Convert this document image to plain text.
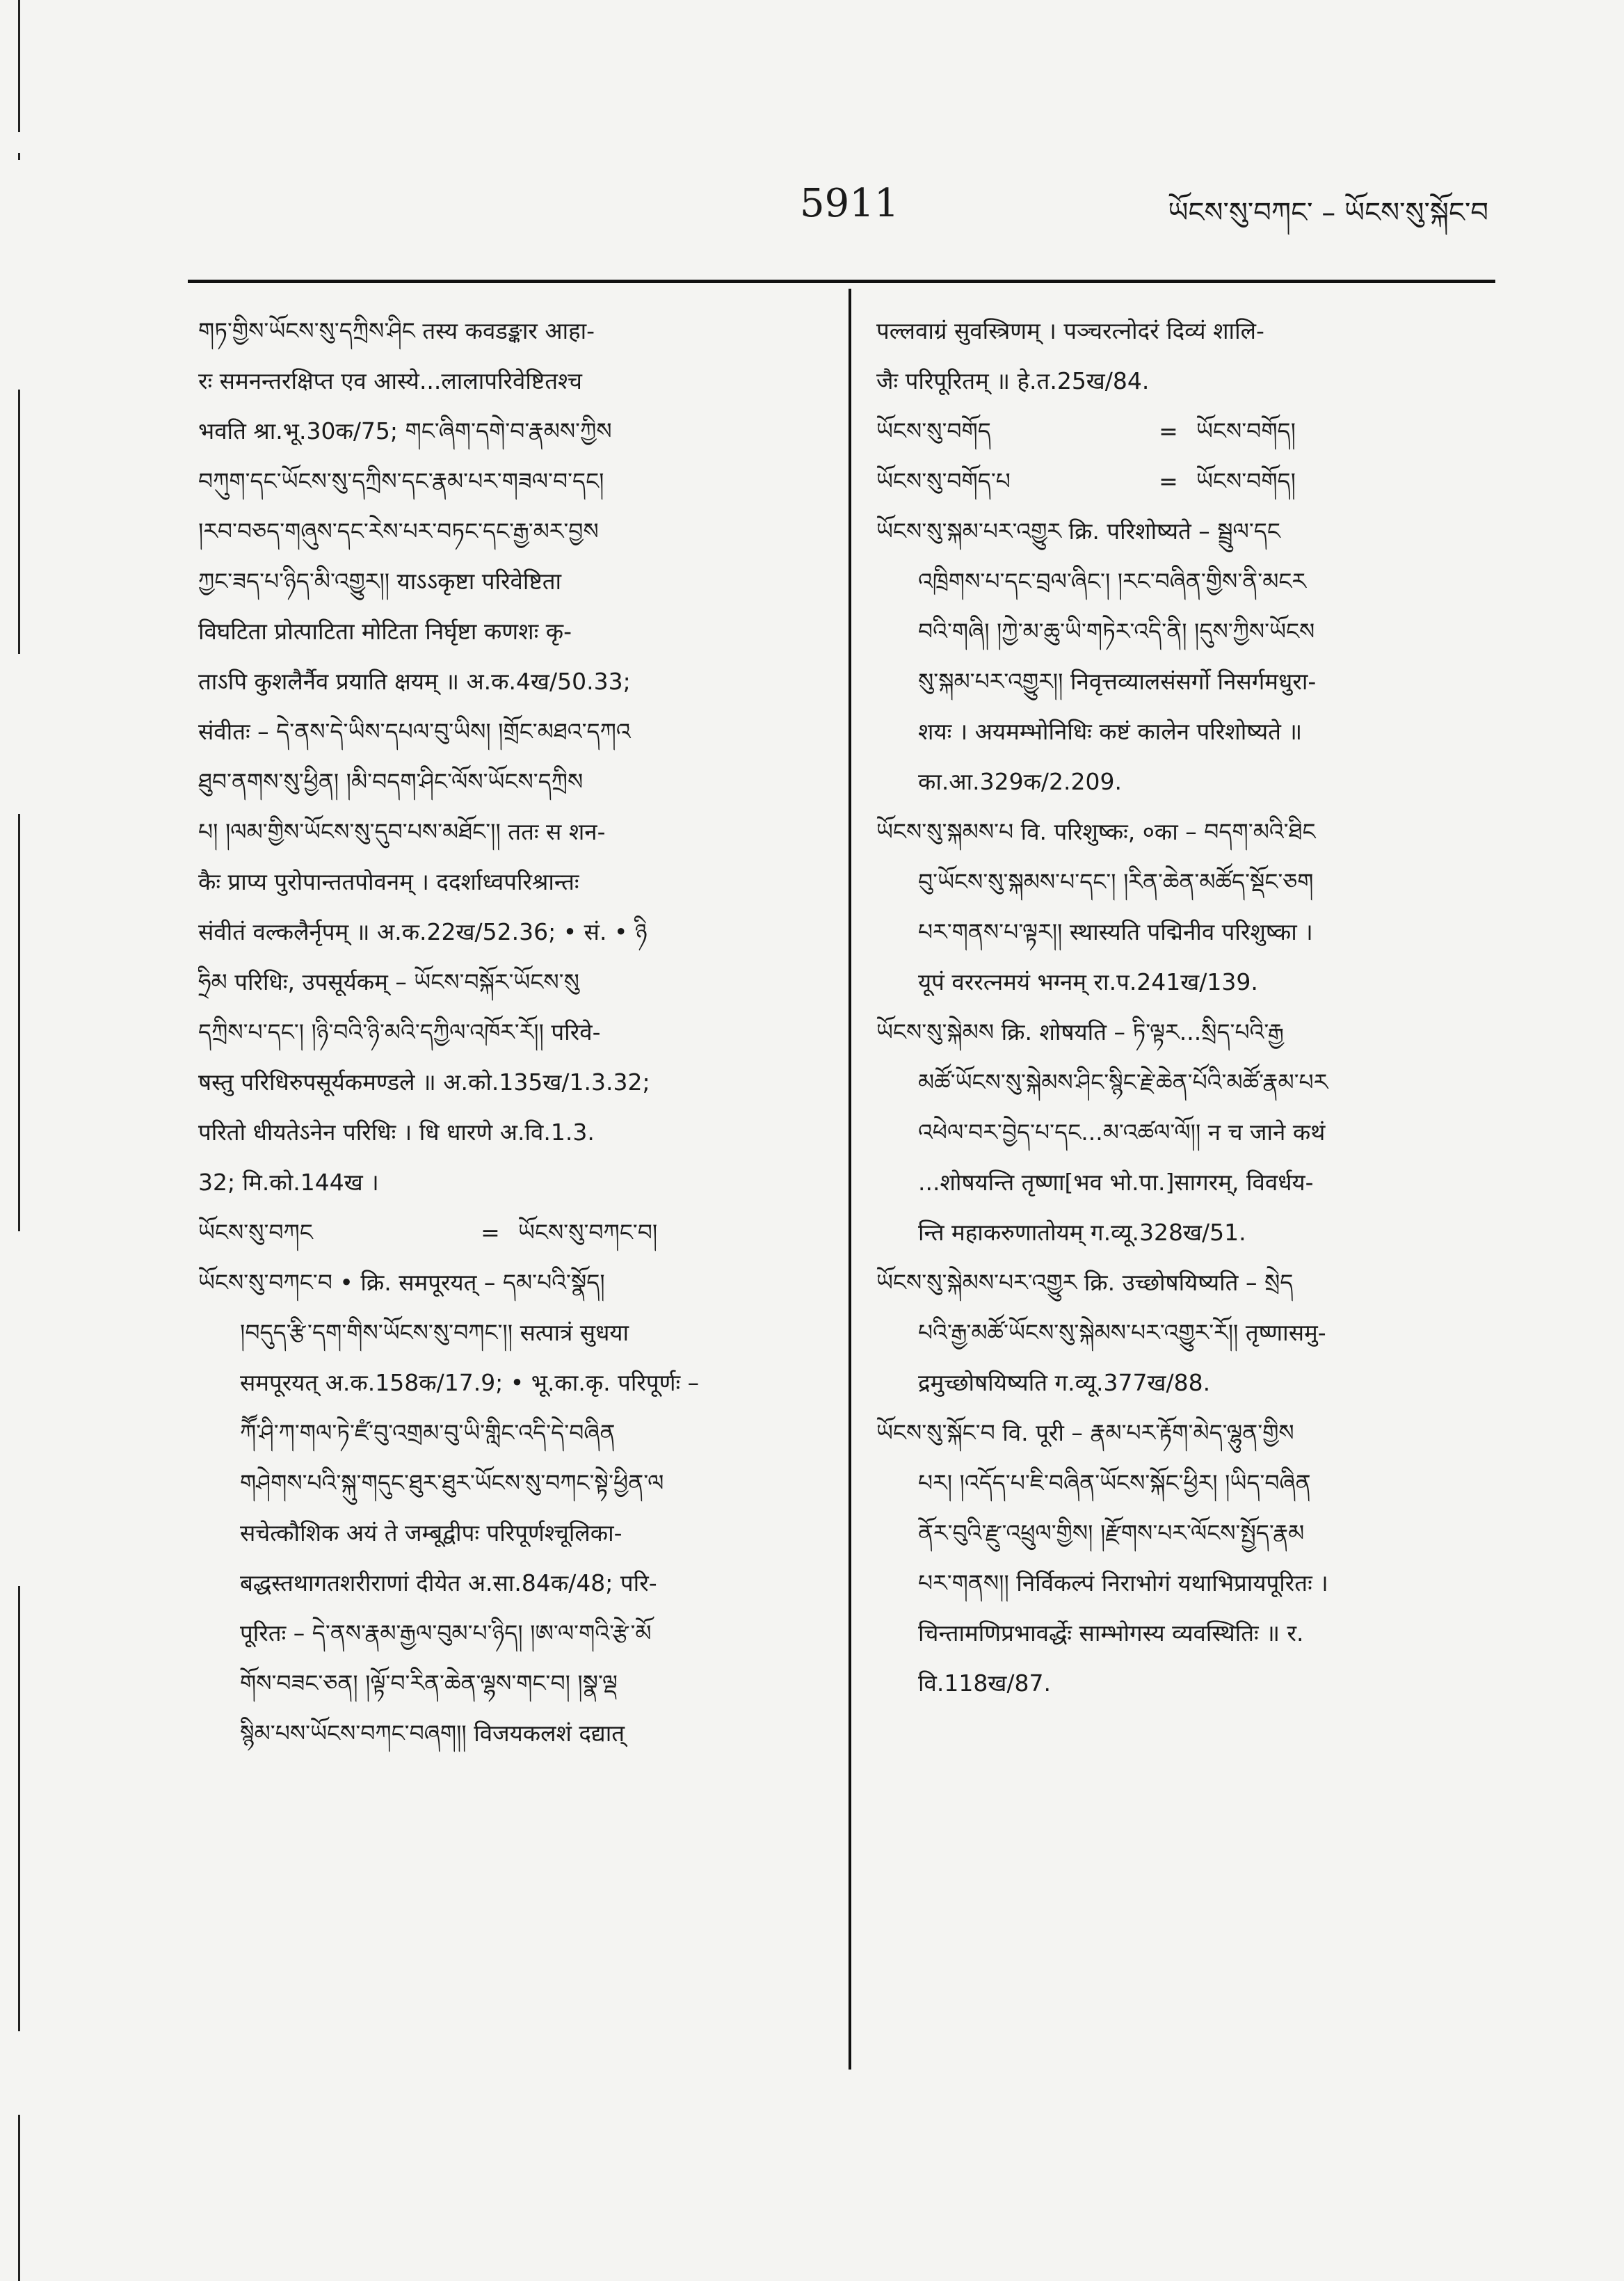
5911	ཡོངས་སུ་བཀང་ – ཡོངས་སུ་སྐོང་བ
གཏ་གྱིས་ཡོངས་སུ་དཀྲིས་ཤིང तस्य कवडङ्कार आहा-
रः समनन्तरक्षिप्त एव आस्ये...लालापरिवेष्टितश्च
भवति श्रा.भू.30क/75; གང་ཞིག་དགེ་བ་རྣམས་ཀྱིས
བཀུག་དང་ཡོངས་སུ་དཀྲིས་དང་རྣམ་པར་གཟལ་བ་དང།
།རབ་བཅད་གཞུས་དང་རེས་པར་བཏང་དང་རྒྱ་མར་བྱས
ཀྱང་ཟད་པ་ཉིད་མི་འགྱུར།། याऽऽकृष्टा परिवेष्टिता
विघटिता प्रोत्पाटिता मोटिता निर्घृष्टा कणशः कृ-
ताऽपि कुशलैर्नैव प्रयाति क्षयम् ॥ अ.क.4ख/50.33;
संवीतः – དེ་ནས་དེ་ཡིས་དཔལ་བུ་ཡིས། །གྲོང་མཐའ་དཀའ
ཐུབ་ནགས་སུ་ཕྱིན། །མི་བདག་ཤིང་ལོས་ཡོངས་དཀྲིས
པ། །ལམ་གྱིས་ཡོངས་སུ་དུབ་པས་མཐོང་།། ततः स शन-
कैः प्राप्य पुरोपान्ततपोवनम् । ददर्शाध्वपरिश्रान्तः
संवीतं वल्कलैर्नृपम् ॥ अ.क.22ख/52.36; • सं. • ཉི
ཧྲིམ परिधिः, उपसूर्यकम् – ཡོངས་བསྐོར་ཡོངས་སུ
དཀྲིས་པ་དང་། །ཉི་བའི་ཉི་མའི་དཀྱིལ་འཁོར་རོ།། परिवे-
षस्तु परिधिरुपसूर्यकमण्डले ॥ अ.को.135ख/1.3.32;
परितो धीयतेऽनेन परिधिः । धि धारणे अ.वि.1.3.
32; मि.को.144ख ।
ཡོངས་སུ་བཀང	= ཡོངས་སུ་བཀང་བ།
ཡོངས་སུ་བཀང་བ • क्रि. समपूरयत् – དམ་པའི་སྣོད།
།བདུད་རྩི་དག་གིས་ཡོངས་སུ་བཀང་།། सत्पात्रं सुधया
समपूरयत् अ.क.158क/17.9; • भू.का.कृ. परिपूर्णः –
ཀཽ་ཤི་ཀ་གལ་ཏེ་ཛཾ་བུ་འགྲམ་བུ་ཡི་གླིང་འདི་དེ་བཞིན
གཤེགས་པའི་སྐུ་གདུང་ཐུར་ཐུར་ཡོངས་སུ་བཀང་སྟེ་ཕྱིན་ལ
सचेत्कौशिक अयं ते जम्बूद्वीपः परिपूर्णश्चूलिका-
बद्धस्तथागतशरीराणां दीयेत अ.सा.84क/48; परि-
पूरितः – དེ་ནས་རྣམ་རྒྱལ་བུམ་པ་ཉིད། །ཨ་ལ་གའི་རྩེ་མོ
གོས་བཟང་ཅན། །ལྟོ་བ་རིན་ཆེན་ལྷས་གང་བ། །སྣ་ལྡ
སྙིམ་པས་ཡོངས་བཀང་བཞག།། विजयकलशं दद्यात्
पल्लवाग्रं सुवस्त्रिणम् । पञ्चरत्नोदरं दिव्यं शालि-
जैः परिपूरितम् ॥ हे.त.25ख/84.
ཡོངས་སུ་བགོད	= ཡོངས་བགོད།
ཡོངས་སུ་བགོད་པ	= ཡོངས་བགོད།
ཡོངས་སུ་སྐམ་པར་འགྱུར क्रि. परिशोष्यते – སྦྲུལ་དང
འཁྲིགས་པ་དང་བྲལ་ཞིང་། །རང་བཞིན་གྱིས་ནི་མངར
བའི་གཞི། །ཀྱེ་མ་ཆུ་ཡི་གཏེར་འདི་ནི། །དུས་ཀྱིས་ཡོངས
སུ་སྐམ་པར་འགྱུར།། निवृत्तव्यालसंसर्गो निसर्गमधुरा-
शयः । अयमम्भोनिधिः कष्टं कालेन परिशोष्यते ॥
का.आ.329क/2.209.
ཡོངས་སུ་སྐམས་པ वि. परिशुष्कः, ०का – བདག་མའི་ཐིང
བུ་ཡོངས་སུ་སྐམས་པ་དང་། །རིན་ཆེན་མཚོད་སྡོང་ཅག
པར་གནས་པ་ལྟར།། स्थास्यति पद्मिनीव परिशुष्का ।
यूपं वररत्नमयं भग्नम् रा.प.241ख/139.
ཡོངས་སུ་སྐེམས क्रि. शोषयति – ཏི་ལྟར...སྲིད་པའི་རྒྱ
མཚོ་ཡོངས་སུ་སྐེམས་ཤིང་སྙིང་རྗེ་ཆེན་པོའི་མཚོ་རྣམ་པར
འཕེལ་བར་བྱེད་པ་དང...མ་འཚལ་ལོ།། न च जाने कथं
...शोषयन्ति तृष्णा[भव भो.पा.]सागरम्, विवर्धय-
न्ति महाकरुणातोयम् ग.व्यू.328ख/51.
ཡོངས་སུ་སྐེམས་པར་འགྱུར क्रि. उच्छोषयिष्यति – སྲེད
པའི་རྒྱ་མཚོ་ཡོངས་སུ་སྐེམས་པར་འགྱུར་རོ།། तृष्णासमु-
द्रमुच्छोषयिष्यति ग.व्यू.377ख/88.
ཡོངས་སུ་སྐོང་བ वि. पूरी – རྣམ་པར་རྟོག་མེད་ལྷུན་གྱིས
པར། །འདོད་པ་ཇི་བཞིན་ཡོངས་སྐོང་ཕྱིར། །ཡིད་བཞིན
ནོར་བུའི་རྫུ་འཕྲུལ་གྱིས། །རྫོགས་པར་ལོངས་སྤྱོད་རྣམ
པར་གནས།། निर्विकल्पं निराभोगं यथाभिप्रायपूरितः ।
चिन्तामणिप्रभावर्द्धेः साम्भोगस्य व्यवस्थितिः ॥ र.
वि.118ख/87.
